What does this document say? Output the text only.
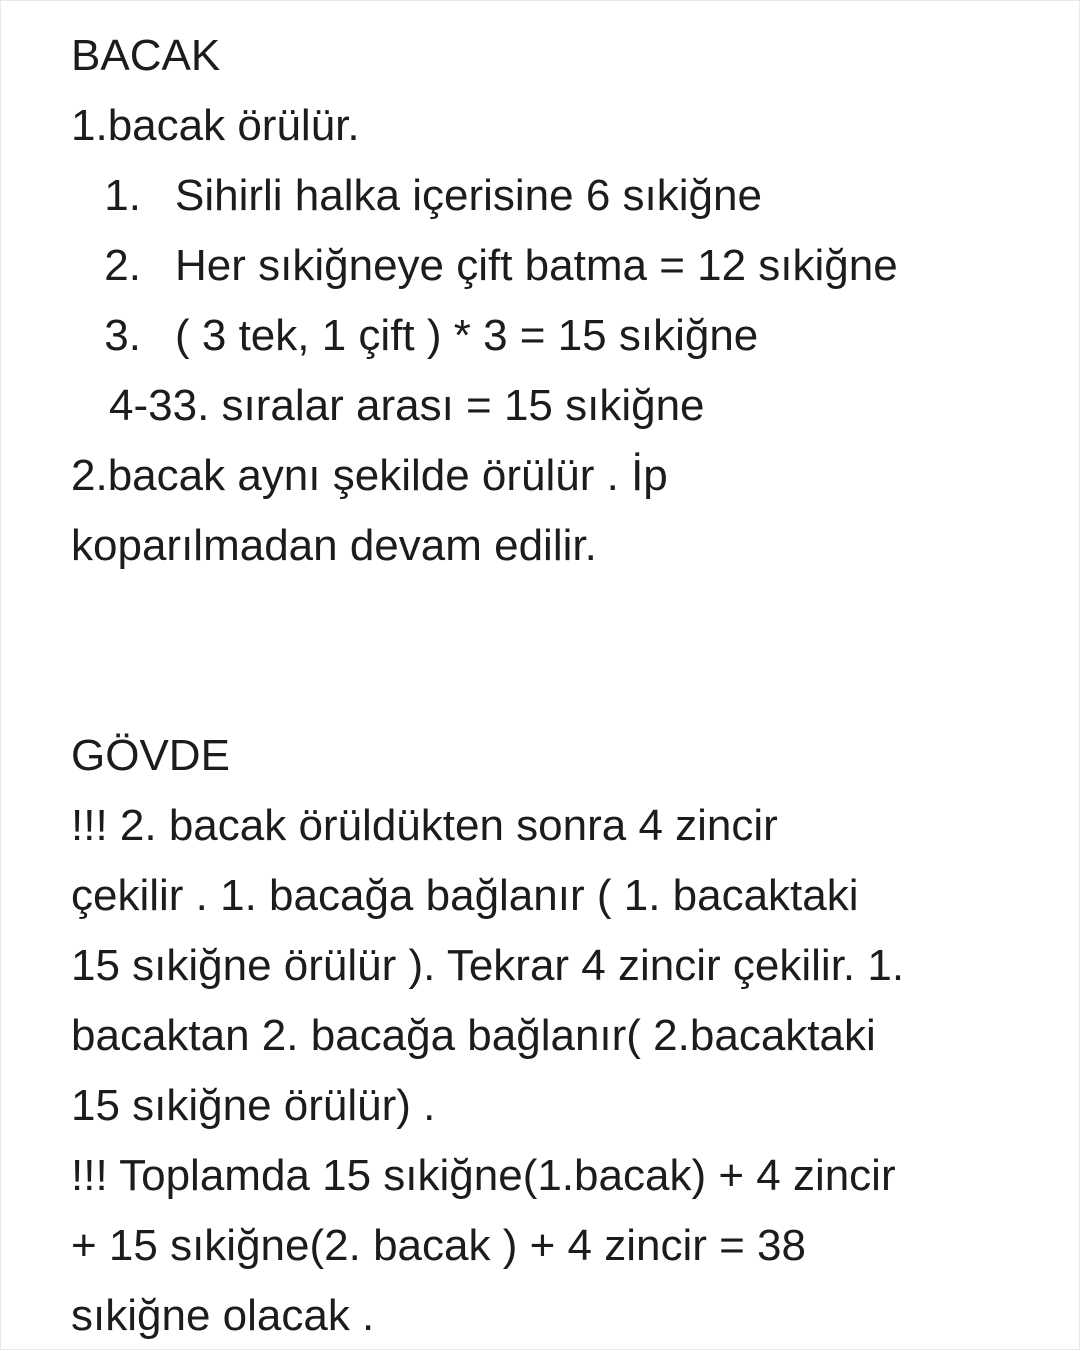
BACAK

1.bacak örülür.

1. Sihirli halka içerisine 6 sıkiğne
2. Her sıkiğneye çift batma = 12 sıkiğne
3. ( 3 tek, 1 çift ) * 3 = 15 sıkiğne

4-33. sıralar arası = 15 sıkiğne

2.bacak aynı şekilde örülür . İp

koparılmadan devam edilir.

GÖVDE

!!! 2. bacak örüldükten sonra 4 zincir

çekilir . 1. bacağa bağlanır ( 1. bacaktaki

15 sıkiğne örülür ). Tekrar 4 zincir çekilir. 1.

bacaktan 2. bacağa bağlanır( 2.bacaktaki

15 sıkiğne örülür) .

!!! Toplamda 15 sıkiğne(1.bacak) + 4 zincir

+ 15 sıkiğne(2. bacak ) + 4 zincir = 38

sıkiğne olacak .
